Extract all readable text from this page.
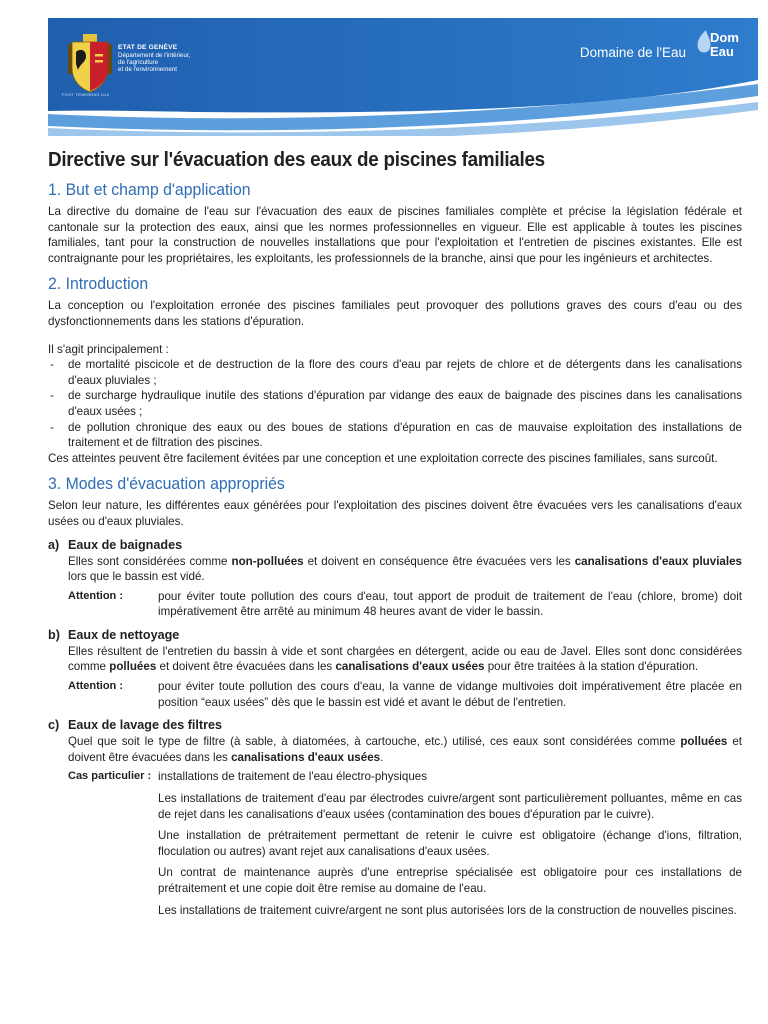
POST TENEBRAS LUX
ETAT DE GENÈVE
Département de l'intérieur,
de l'agriculture
et de l'environnement
Domaine de l'Eau
Dom
Eau
Directive sur l'évacuation des eaux de piscines familiales
1. But et champ d'application

La directive du domaine de l'eau sur l'évacuation des eaux de piscines familiales complète et précise la législation fédérale et cantonale sur la protection des eaux, ainsi que les normes professionnelles en vigueur. Elle est applicable à toutes les piscines familiales, tant pour la construction de nouvelles installations que pour l'exploitation et l'entretien de piscines existantes. Elle est contraignante pour les propriétaires, les exploitants, les professionnels de la branche, ainsi que pour les ingénieurs et architectes.

2. Introduction

La conception ou l'exploitation erronée des piscines familiales peut provoquer des pollutions graves des cours d'eau ou des dysfonctionnements dans les stations d'épuration.

Il s'agit principalement :

- de mortalité piscicole et de destruction de la flore des cours d'eau par rejets de chlore et de détergents dans les canalisations d'eaux pluviales ;
- de surcharge hydraulique inutile des stations d'épuration par vidange des eaux de baignade des piscines dans les canalisations d'eaux usées ;
- de pollution chronique des eaux ou des boues de stations d'épuration en cas de mauvaise exploitation des installations de traitement et de filtration des piscines.

Ces atteintes peuvent être facilement évitées par une conception et une exploitation correcte des piscines familiales, sans surcoût.

3. Modes d'évacuation appropriés

Selon leur nature, les différentes eaux générées pour l'exploitation des piscines doivent être évacuées vers les canalisations d'eaux usées ou d'eaux pluviales.

a) Eaux de baignades

Elles sont considérées comme non-polluées et doivent en conséquence être évacuées vers les canalisations d'eaux pluviales lors que le bassin est vidé.

Attention :	pour éviter toute pollution des cours d'eau, tout apport de produit de traitement de l'eau (chlore, brome) doit impérativement être arrêté au minimum 48 heures avant de vider le bassin.
b) Eaux de nettoyage

Elles résultent de l'entretien du bassin à vide et sont chargées en détergent, acide ou eau de Javel. Elles sont donc considérées comme polluées et doivent être évacuées dans les canalisations d'eaux usées pour être traitées à la station d'épuration.

Attention :	pour éviter toute pollution des cours d'eau, la vanne de vidange multivoies doit impérativement être placée en position “eaux usées” dès que le bassin est vidé et avant le début de l'entretien.
c) Eaux de lavage des filtres

Quel que soit le type de filtre (à sable, à diatomées, à cartouche, etc.) utilisé, ces eaux sont considérées comme polluées et doivent être évacuées dans les canalisations d'eaux usées.

Cas particulier : installations de traitement de l'eau électro-physiques

Les installations de traitement d'eau par électrodes cuivre/argent sont particulièrement polluantes, même en cas de rejet dans les canalisations d'eaux usées (contamination des boues d'épuration par le cuivre).

Une installation de prétraitement permettant de retenir le cuivre est obligatoire (échange d'ions, filtration, floculation ou autres) avant rejet aux canalisations d'eaux usées.

Un contrat de maintenance auprès d'une entreprise spécialisée est obligatoire pour ces installations de prétraitement et une copie doit être remise au domaine de l'eau.

Les installations de traitement cuivre/argent ne sont plus autorisées lors de la construction de nouvelles piscines.
